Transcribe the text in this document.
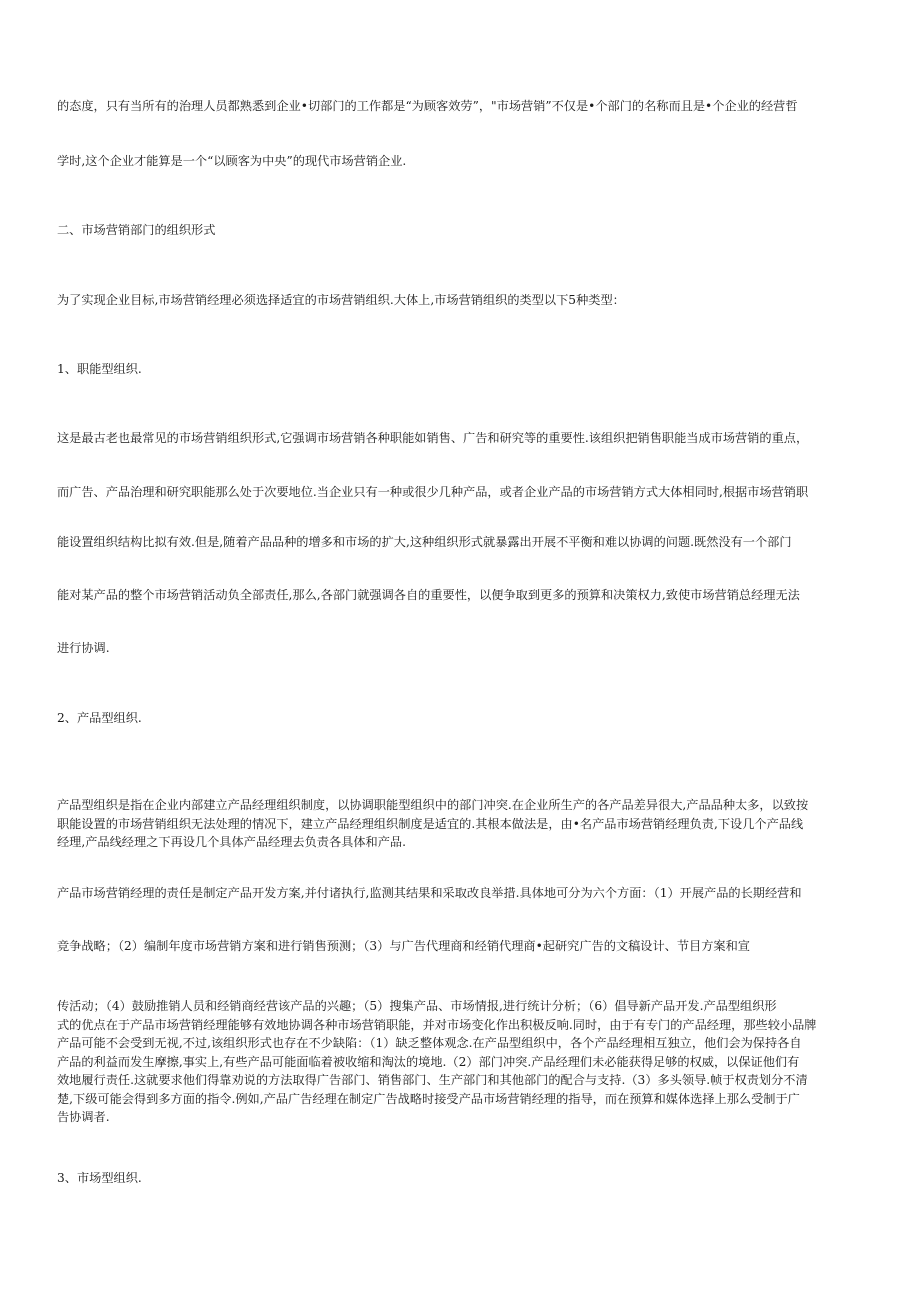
的态度，只有当所有的治理人员都熟悉到企业•切部门的工作都是“为顾客效劳”，"市场营销”不仅是•个部门的名称而且是•个企业的经营哲
学时,这个企业才能算是一个“以顾客为中央”的现代市场营销企业.
二、市场营销部门的组织形式
为了实现企业目标,市场营销经理必须选择适宜的市场营销组织.大体上,市场营销组织的类型以下5种类型：
1、职能型组织.
这是最古老也最常见的市场营销组织形式,它强调市场营销各种职能如销售、广告和研究等的重要性.该组织把销售职能当成市场营销的重点，
而广告、产品治理和研究职能那么处于次要地位.当企业只有一种或很少几种产品，或者企业产品的市场营销方式大体相同时,根据市场营销职
能设置组织结构比拟有效.但是,随着产品品种的增多和市场的扩大,这种组织形式就暴露出开展不平衡和难以协调的问题.既然没有一个部门
能对某产品的整个市场营销活动负全部责任,那么,各部门就强调各自的重要性，以便争取到更多的预算和决策权力,致使市场营销总经理无法
进行协调.
2、产品型组织.
产品型组织是指在企业内部建立产品经理组织制度，以协调职能型组织中的部门冲突.在企业所生产的各产品差异很大,产品品种太多，以致按
职能设置的市场营销组织无法处理的情况下，建立产品经理组织制度是适宜的.其根本做法是，由•名产品市场营销经理负责,下设几个产品线
经理,产品线经理之下再设几个具体产品经理去负责各具体和产品.
产品市场营销经理的责任是制定产品开发方案,并付诸执行,监测其结果和采取改良举措.具体地可分为六个方面：（1）开展产品的长期经营和
竞争战略；（2）编制年度市场营销方案和进行销售预测；（3）与广告代理商和经销代理商•起研究广告的文稿设计、节目方案和宣
传活动；（4）鼓励推销人员和经销商经营该产品的兴趣；（5）搜集产品、市场情报,进行统计分析；（6）倡导新产品开发.产品型组织形
式的优点在于产品市场营销经理能够有效地协调各种市场营销职能，并对市场变化作出积极反响.同时，由于有专门的产品经理，那些较小品牌
产品可能不会受到无视,不过,该组织形式也存在不少缺陷：（1）缺乏整体观念.在产品型组织中，各个产品经理相互独立，他们会为保持各自
产品的利益而发生摩擦,事实上,有些产品可能面临着被收缩和淘汰的境地.（2）部门冲突.产品经理们未必能获得足够的权威，以保证他们有
效地履行责任.这就要求他们得靠劝说的方法取得广告部门、销售部门、生产部门和其他部门的配合与支持.（3）多头领导.帧于权责划分不清
楚,下级可能会得到多方面的指令.例如,产品广告经理在制定广告战略时接受产品市场营销经理的指导，而在预算和媒体选择上那么受制于广
告协调者.
3、市场型组织.
